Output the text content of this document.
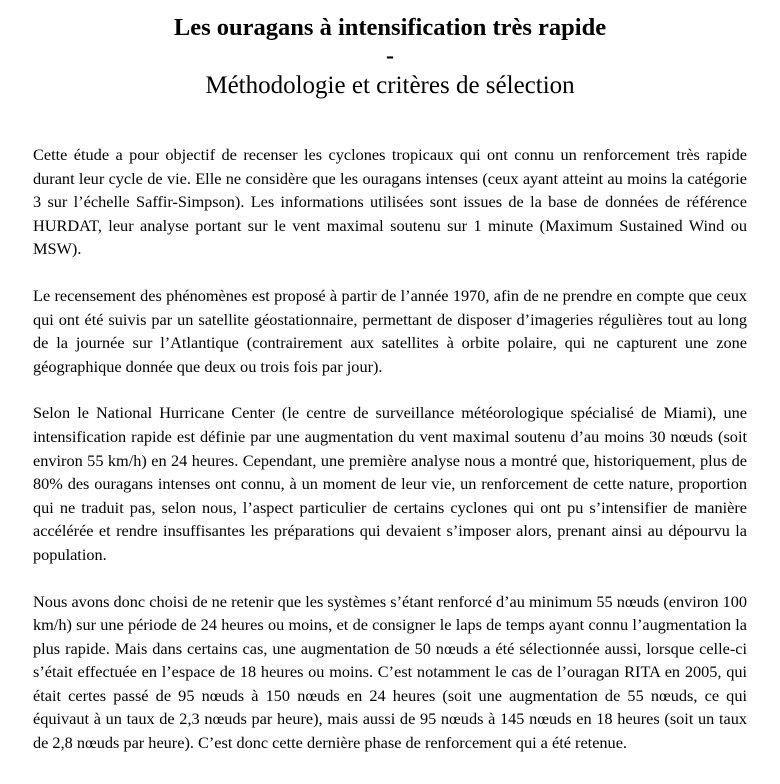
Les ouragans à intensification très rapide
-
Méthodologie et critères de sélection

Cette étude a pour objectif de recenser les cyclones tropicaux qui ont connu un renforcement très rapide durant leur cycle de vie. Elle ne considère que les ouragans intenses (ceux ayant atteint au moins la catégorie 3 sur l’échelle Saffir-Simpson). Les informations utilisées sont issues de la base de données de référence HURDAT, leur analyse portant sur le vent maximal soutenu sur 1 minute (Maximum Sustained Wind ou MSW).

Le recensement des phénomènes est proposé à partir de l’année 1970, afin de ne prendre en compte que ceux qui ont été suivis par un satellite géostationnaire, permettant de disposer d’imageries régulières tout au long de la journée sur l’Atlantique (contrairement aux satellites à orbite polaire, qui ne capturent une zone géographique donnée que deux ou trois fois par jour).

Selon le National Hurricane Center (le centre de surveillance météorologique spécialisé de Miami), une intensification rapide est définie par une augmentation du vent maximal soutenu d’au moins 30 nœuds (soit environ 55 km/h) en 24 heures. Cependant, une première analyse nous a montré que, historiquement, plus de 80% des ouragans intenses ont connu, à un moment de leur vie, un renforcement de cette nature, proportion qui ne traduit pas, selon nous, l’aspect particulier de certains cyclones qui ont pu s’intensifier de manière accélérée et rendre insuffisantes les préparations qui devaient s’imposer alors, prenant ainsi au dépourvu la population.

Nous avons donc choisi de ne retenir que les systèmes s’étant renforcé d’au minimum 55 nœuds (environ 100 km/h) sur une période de 24 heures ou moins, et de consigner le laps de temps ayant connu l’augmentation la plus rapide. Mais dans certains cas, une augmentation de 50 nœuds a été sélectionnée aussi, lorsque celle-ci s’était effectuée en l’espace de 18 heures ou moins. C’est notamment le cas de l’ouragan RITA en 2005, qui était certes passé de 95 nœuds à 150 nœuds en 24 heures (soit une augmentation de 55 nœuds, ce qui équivaut à un taux de 2,3 nœuds par heure), mais aussi de 95 nœuds à 145 nœuds en 18 heures (soit un taux de 2,8 nœuds par heure). C’est donc cette dernière phase de renforcement qui a été retenue.
